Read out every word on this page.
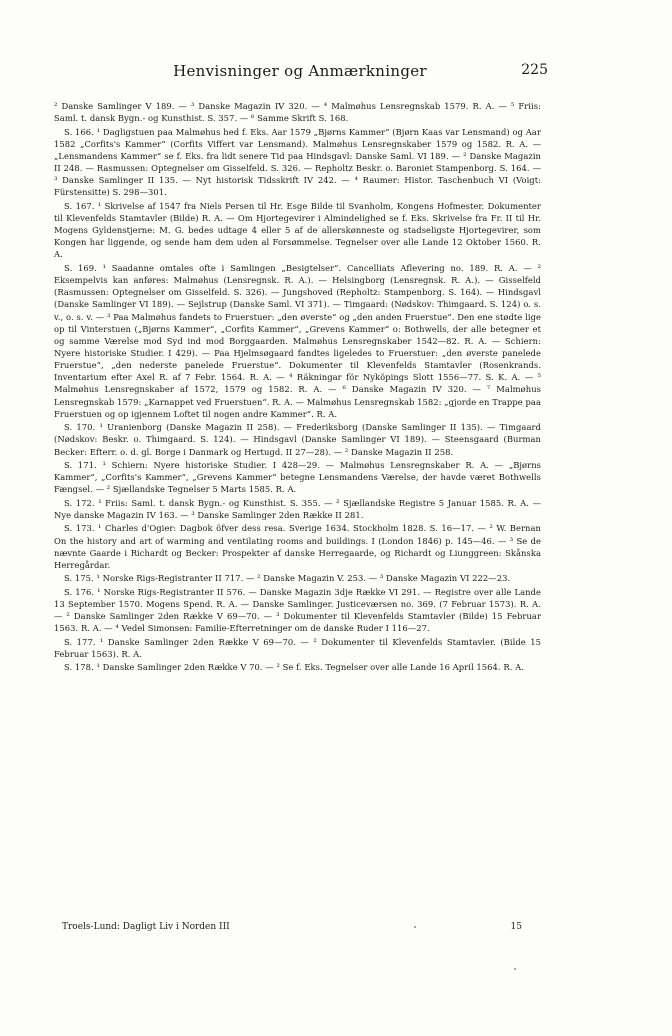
Henvisninger og Anmærkninger	225

² Danske Samlinger V 189. — ³ Danske Magazin IV 320. — ⁴ Malmøhus Lensregnskab 1579. R. A. — ⁵ Friis: Saml. t. dansk Bygn.- og Kunsthist. S. 357. — ⁶ Samme Skrift S. 168.

S. 166. ¹ Dagligstuen paa Malmøhus hed f. Eks. Aar 1579 „Bjørns Kammer“ (Bjørn Kaas var Lensmand) og Aar 1582 „Corfits's Kammer“ (Corfits Viffert var Lensmand). Malmøhus Lensregnskaber 1579 og 1582. R. A. — „Lensmandens Kammer“ se f. Eks. fra lidt senere Tid paa Hindsgavl: Danske Saml. VI 189. — ² Danske Magazin II 248. — Rasmussen: Optegnelser om Gisselfeld. S. 326. — Repholtz Beskr. o. Baroniet Stampenborg. S. 164. — ³ Danske Samlinger II 135. — Nyt historisk Tidsskrift IV 242. — ⁴ Raumer: Histor. Taschenbuch VI (Voigt: Fürstensitte) S. 298—301.

S. 167. ¹ Skrivelse af 1547 fra Niels Persen til Hr. Esge Bilde til Svanholm, Kongens Hofmester. Dokumenter til Klevenfelds Stamtavler (Bilde) R. A. — Om Hjortegevirer i Almindelighed se f. Eks. Skrivelse fra Fr. II til Hr. Mogens Gyldenstjerne: M. G. bedes udtage 4 eller 5 af de allerskønneste og stadseligste Hjortegevirer, som Kongen har liggende, og sende ham dem uden al Forsømmelse. Tegnelser over alle Lande 12 Oktober 1560. R. A.

S. 169. ¹ Saadanne omtales ofte i Samlingen „Besigtelser“. Cancelliats Aflevering no. 189. R. A. — ² Eksempelvis kan anføres: Malmøhus (Lensregnsk. R. A.). — Helsingborg (Lensregnsk. R. A.). — Gisselfeld (Rasmussen: Optegnelser om Gisselfeld. S. 326). — Jungshoved (Repholtz: Stampenborg. S. 164). — Hindsgavl (Danske Samlinger VI 189). — Sejlstrup (Danske Saml. VI 371). — Timgaard: (Nødskov: Thimgaard. S. 124) o. s. v., o. s. v. — ³ Paa Malmøhus fandets to Fruerstuer: „den øverste“ og „den anden Fruerstue“. Den ene stødte lige op til Vinterstuen („Bjørns Kammer“, „Corfits Kammer“, „Grevens Kammer“ o: Bothwells, der alle betegner et og samme Værelse mod Syd ind mod Borggaarden. Malmøhus Lensregnskaber 1542—82. R. A. — Schiern: Nyere historiske Studier. I 429). — Paa Hjelmsøgaard fandtes ligeledes to Fruerstuer: „den øverste panelede Fruerstue“, „den nederste panelede Fruerstue“. Dokumenter til Klevenfelds Stamtavler (Rosenkrands. Inventarium efter Axel R. af 7 Febr. 1564. R. A. — ⁴ Räkningar för Nyköpings Slott 1556—77. S. K. A. — ⁵ Malmøhus Lensregnskaber af 1572, 1579 og 1582. R. A. — ⁶ Danske Magazin IV 320. — ⁷ Malmøhus Lensregnskab 1579: „Karnappet ved Fruerstuen“. R. A. — Malmøhus Lensregnskab 1582: „gjorde en Trappe paa Fruerstuen og op igjennem Loftet til nogen andre Kammer“. R. A.

S. 170. ¹ Uranienborg (Danske Magazin II 258). — Frederiksborg (Danske Samlinger II 135). — Timgaard (Nødskov: Beskr. o. Thimgaard. S. 124). — Hindsgavl (Danske Samlinger VI 189). — Steensgaard (Burman Becker: Efterr. o. d. gl. Borge i Danmark og Hertugd. II 27—28). — ² Danske Magazin II 258.

S. 171. ¹ Schiern: Nyere historiske Studier. I 428—29. — Malmøhus Lensregnskaber R. A. — „Bjørns Kammer“, „Corfits's Kammer“, „Grevens Kammer“ betegne Lensmandens Værelse, der havde været Bothwells Fængsel. — ² Sjællandske Tegnelser 5 Marts 1585. R. A.

S. 172. ¹ Friis: Saml. t. dansk Bygn.- og Kunsthist. S. 355. — ² Sjællandske Registre 5 Januar 1585. R. A. — Nye danske Magazin IV 163. — ³ Danske Samlinger 2den Række II 281.

S. 173. ¹ Charles d'Ogier: Dagbok öfver dess resa. Sverige 1634. Stockholm 1828. S. 16—17. — ² W. Bernan On the history and art of warming and ventilating rooms and buildings. I (London 1846) p. 145—46. — ³ Se de nævnte Gaarde i Richardt og Becker: Prospekter af danske Herregaarde, og Richardt og Liunggreen: Skånska Herregårdar.

S. 175. ¹ Norske Rigs-Registranter II 717. — ² Danske Magazin V. 253. — ³ Danske Magazin VI 222—23.

S. 176. ¹ Norske Rigs-Registranter II 576. — Danske Magazin 3dje Række VI 291. — Registre over alle Lande 13 September 1570. Mogens Spend. R. A. — Danske Samlinger. Justiceværsen no. 369. (7 Februar 1573). R. A. — ² Danske Samlinger 2den Række V 69—70. — ³ Dokumenter til Klevenfelds Stamtavler (Bilde) 15 Februar 1563. R. A. — ⁴ Vedel Simonsen: Familie-Efterretninger om de danske Ruder I 116—27.

S. 177. ¹ Danske Samlinger 2den Række V 69—70. — ² Dokumenter til Klevenfelds Stamtavler. (Bilde 15 Februar 1563). R. A.

S. 178. ¹ Danske Samlinger 2den Række V 70. — ² Se f. Eks. Tegnelser over alle Lande 16 April 1564. R. A.

Troels-Lund: Dagligt Liv i Norden III	15
